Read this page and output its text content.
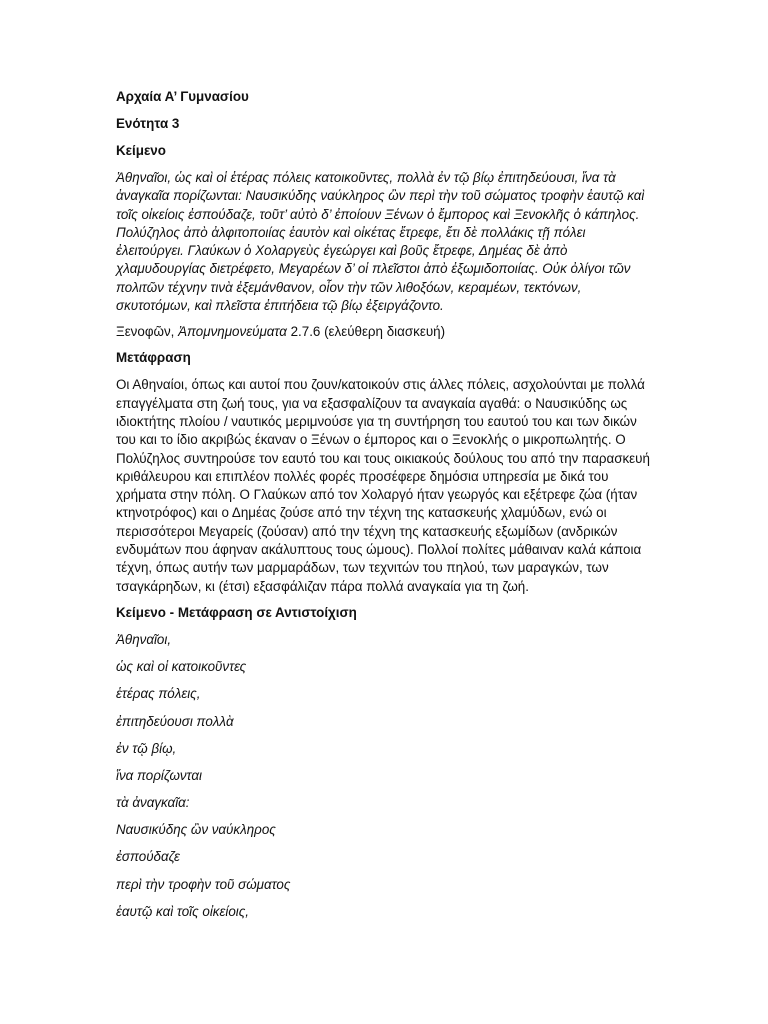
Αρχαία Α’ Γυμνασίου
Ενότητα 3
Κείμενο
Ἀθηναῖοι, ὡς καὶ οἱ ἑτέρας πόλεις κατοικοῦντες, πολλὰ ἐν τῷ βίῳ ἐπιτηδεύουσι, ἵνα τὰ
ἀναγκαῖα πορίζωνται: Ναυσικύδης ναύκληρος ὢν περὶ τὴν τοῦ σώματος τροφὴν ἑαυτῷ καὶ
τοῖς οἰκείοις ἐσπούδαζε, τοῦτ’ αὐτὸ δ’ ἐποίουν Ξένων ὁ ἔμπορος καὶ Ξενοκλῆς ὁ κάπηλος.
Πολύζηλος ἀπὸ ἀλφιτοποιίας ἑαυτὸν καὶ οἰκέτας ἔτρεφε, ἔτι δὲ πολλάκις τῇ πόλει
ἐλειτούργει. Γλαύκων ὁ Χολαργεὺς ἐγεώργει καὶ βοῦς ἔτρεφε, Δημέας δὲ ἀπὸ
χλαμυδουργίας διετρέφετο, Μεγαρέων δ’ οἱ πλεῖστοι ἀπὸ ἐξωμιδοποιίας. Οὐκ ὀλίγοι τῶν
πολιτῶν τέχνην τινὰ ἐξεμάνθανον, οἷον τὴν τῶν λιθοξόων, κεραμέων, τεκτόνων,
σκυτοτόμων, καὶ πλεῖστα ἐπιτήδεια τῷ βίῳ ἐξειργάζοντο.
Ξενοφῶν, Ἀπομνημονεύματα 2.7.6 (ελεύθερη διασκευή)
Μετάφραση
Οι Αθηναίοι, όπως και αυτοί που ζουν/κατοικούν στις άλλες πόλεις, ασχολούνται με πολλά
επαγγέλματα στη ζωή τους, για να εξασφαλίζουν τα αναγκαία αγαθά: ο Ναυσικύδης ως
ιδιοκτήτης πλοίου / ναυτικός μεριμνούσε για τη συντήρηση του εαυτού του και των δικών
του και το ίδιο ακριβώς έκαναν ο Ξένων ο έμπορος και ο Ξενοκλής ο μικροπωλητής. Ο
Πολύζηλος συντηρούσε τον εαυτό του και τους οικιακούς δούλους του από την παρασκευή
κριθάλευρου και επιπλέον πολλές φορές προσέφερε δημόσια υπηρεσία με δικά του
χρήματα στην πόλη. Ο Γλαύκων από τον Χολαργό ήταν γεωργός και εξέτρεφε ζώα (ήταν
κτηνοτρόφος) και ο Δημέας ζούσε από την τέχνη της κατασκευής χλαμύδων, ενώ οι
περισσότεροι Μεγαρείς (ζούσαν) από την τέχνη της κατασκευής εξωμίδων (ανδρικών
ενδυμάτων που άφηναν ακάλυπτους τους ώμους). Πολλοί πολίτες μάθαιναν καλά κάποια
τέχνη, όπως αυτήν των μαρμαράδων, των τεχνιτών του πηλού, των μαραγκών, των
τσαγκάρηδων, κι (έτσι) εξασφάλιζαν πάρα πολλά αναγκαία για τη ζωή.
Κείμενο - Μετάφραση σε Αντιστοίχιση
Ἀθηναῖοι,
ὡς καὶ οἱ κατοικοῦντες
ἑτέρας πόλεις,
ἐπιτηδεύουσι πολλὰ
ἐν τῷ βίῳ,
ἵνα πορίζωνται
τὰ ἀναγκαῖα:
Ναυσικύδης ὢν ναύκληρος
ἐσπούδαζε
περὶ τὴν τροφὴν τοῦ σώματος
ἑαυτῷ καὶ τοῖς οἰκείοις,
